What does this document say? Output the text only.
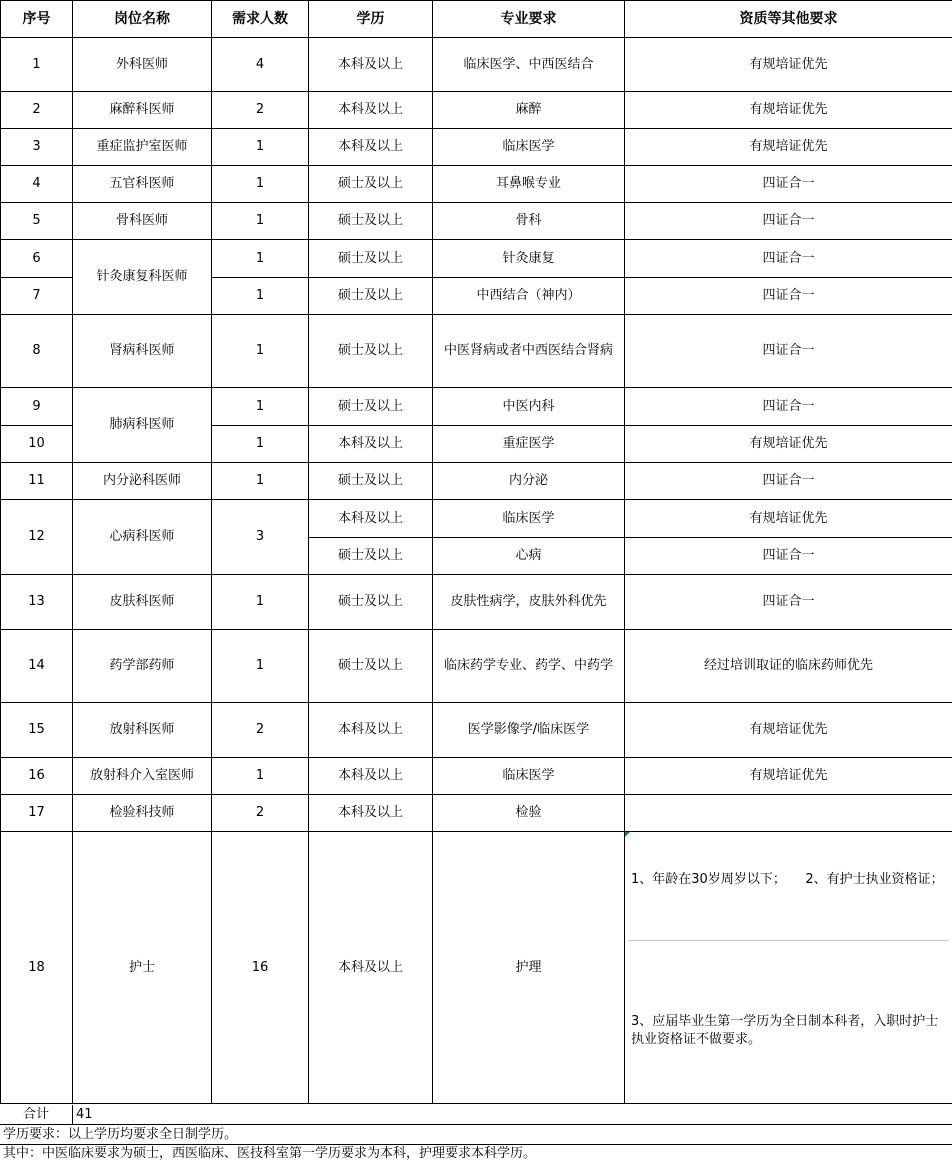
序号	岗位名称	需求人数	学历	专业要求	资质等其他要求
1	外科医师	4	本科及以上	临床医学、中西医结合	有规培证优先
2	麻醉科医师	2	本科及以上	麻醉	有规培证优先
3	重症监护室医师	1	本科及以上	临床医学	有规培证优先
4	五官科医师	1	硕士及以上	耳鼻喉专业	四证合一
5	骨科医师	1	硕士及以上	骨科	四证合一
6	针灸康复科医师	1	硕士及以上	针灸康复	四证合一
7		1	硕士及以上	中西结合（神内）	四证合一
8	肾病科医师	1	硕士及以上	中医肾病或者中西医结合肾病	四证合一
9	肺病科医师	1	硕士及以上	中医内科	四证合一
10		1	本科及以上	重症医学	有规培证优先
11	内分泌科医师	1	硕士及以上	内分泌	四证合一
12	心病科医师	3	本科及以上	临床医学	有规培证优先
			硕士及以上	心病	四证合一
13	皮肤科医师	1	硕士及以上	皮肤性病学，皮肤外科优先	四证合一
14	药学部药师	1	硕士及以上	临床药学专业、药学、中药学	经过培训取证的临床药师优先
15	放射科医师	2	本科及以上	医学影像学/临床医学	有规培证优先
16	放射科介入室医师	1	本科及以上	临床医学	有规培证优先
17	检验科技师	2	本科及以上	检验	
18	护士	16	本科及以上	护理	1、年龄在30岁周岁以下；　　2、有护士执业资格证；
3、应届毕业生第一学历为全日制本科者，入职时护士执业资格证不做要求。
合计	41
学历要求：以上学历均要求全日制学历。
其中：中医临床要求为硕士，西医临床、医技科室第一学历要求为本科，护理要求本科学历。
